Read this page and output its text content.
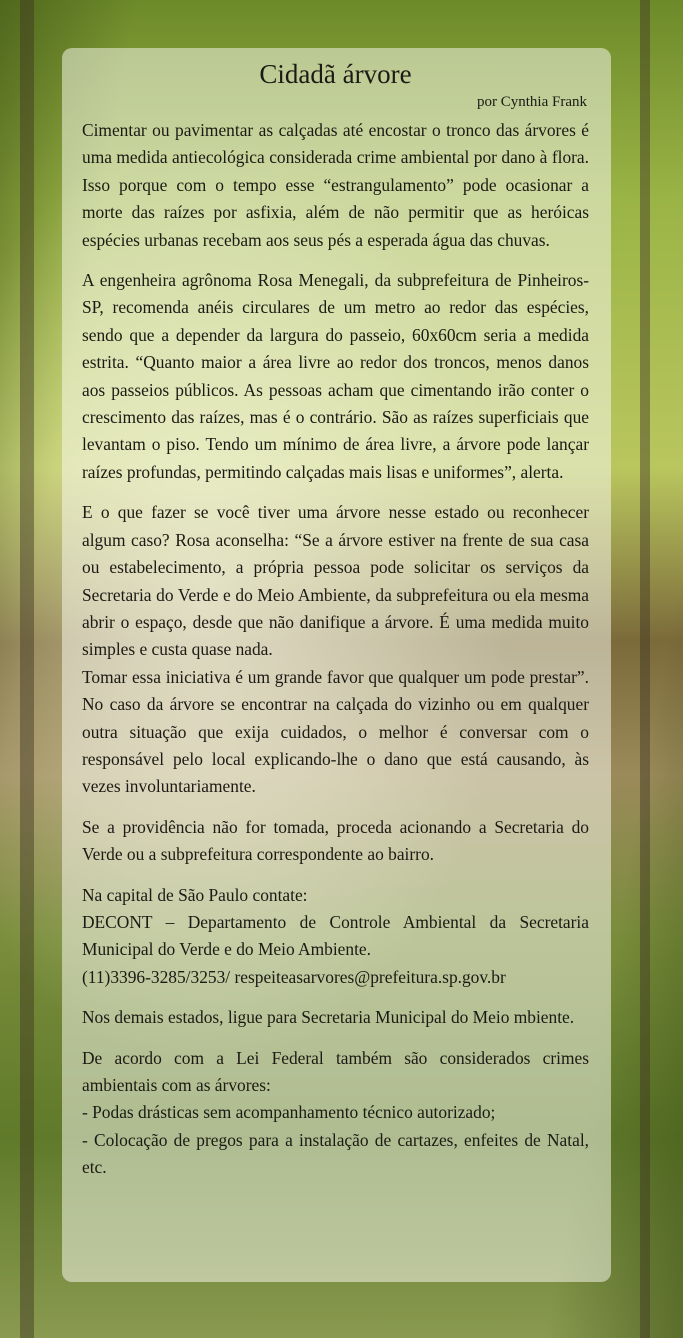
Cidadã árvore
por Cynthia Frank

Cimentar ou pavimentar as calçadas até encostar o tronco das árvores é uma medida antiecológica considerada crime ambiental por dano à flora. Isso porque com o tempo esse “estrangulamento” pode ocasionar a morte das raízes por asfixia, além de não permitir que as heróicas espécies urbanas recebam aos seus pés a esperada água das chuvas.

A engenheira agrônoma Rosa Menegali, da subprefeitura de Pinheiros-SP, recomenda anéis circulares de um metro ao redor das espécies, sendo que a depender da largura do passeio, 60x60cm seria a medida estrita. “Quanto maior a área livre ao redor dos troncos, menos danos aos passeios públicos. As pessoas acham que cimentando irão conter o crescimento das raízes, mas é o contrário. São as raízes superficiais que levantam o piso. Tendo um mínimo de área livre, a árvore pode lançar raízes profundas, permitindo calçadas mais lisas e uniformes”, alerta.

E o que fazer se você tiver uma árvore nesse estado ou reconhecer algum caso? Rosa aconselha: “Se a árvore estiver na frente de sua casa ou estabelecimento, a própria pessoa pode solicitar os serviços da Secretaria do Verde e do Meio Ambiente, da subprefeitura ou ela mesma abrir o espaço, desde que não danifique a árvore. É uma medida muito simples e custa quase nada.
Tomar essa iniciativa é um grande favor que qualquer um pode prestar”. No caso da árvore se encontrar na calçada do vizinho ou em qualquer outra situação que exija cuidados, o melhor é conversar com o responsável pelo local explicando-lhe o dano que está causando, às vezes involuntariamente.

Se a providência não for tomada, proceda acionando a Secretaria do Verde ou a subprefeitura correspondente ao bairro.

Na capital de São Paulo contate:
DECONT – Departamento de Controle Ambiental da Secretaria Municipal do Verde e do Meio Ambiente.
(11)3396-3285/3253/ respeiteasarvores@prefeitura.sp.gov.br

Nos demais estados, ligue para Secretaria Municipal do Meio mbiente.

De acordo com a Lei Federal também são considerados crimes ambientais com as árvores:
- Podas drásticas sem acompanhamento técnico autorizado;
- Colocação de pregos para a instalação de cartazes, enfeites de Natal, etc.
